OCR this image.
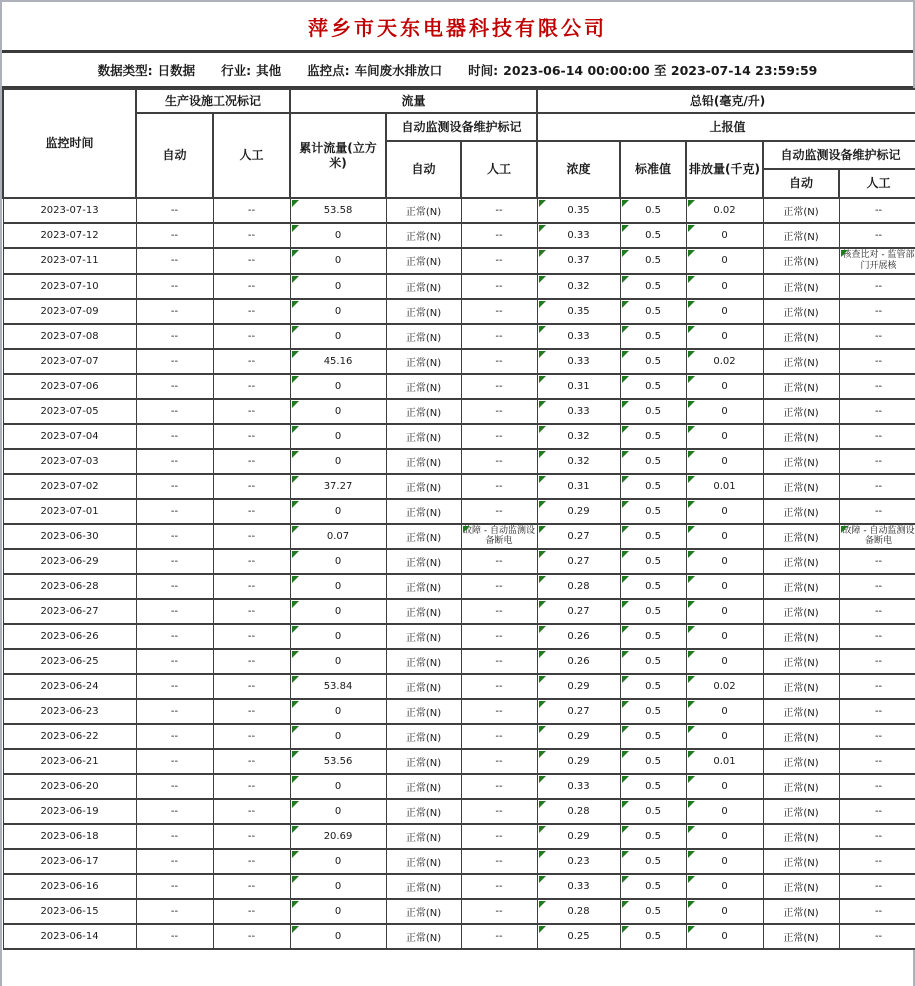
萍乡市天东电器科技有限公司
数据类型: 日数据 行业: 其他 监控点: 车间废水排放口 时间: 2023-06-14 00:00:00 至 2023-07-14 23:59:59
监控时间	生产设施工况标记		流量			总铅(毫克/升)				
	自动	人工	累计流量(立方米)	自动监测设备维护标记		上报值				
				自动	人工	浓度	标准值	排放量(千克)	自动监测设备维护标记	
									自动	人工
2023-07-13	--	--	53.58	正常(N)	--	0.35	0.5	0.02	正常(N)	--
2023-07-12	--	--	0	正常(N)	--	0.33	0.5	0	正常(N)	--
2023-07-11	--	--	0	正常(N)	--	0.37	0.5	0	正常(N)	核查比对 - 监管部门开展核
2023-07-10	--	--	0	正常(N)	--	0.32	0.5	0	正常(N)	--
2023-07-09	--	--	0	正常(N)	--	0.35	0.5	0	正常(N)	--
2023-07-08	--	--	0	正常(N)	--	0.33	0.5	0	正常(N)	--
2023-07-07	--	--	45.16	正常(N)	--	0.33	0.5	0.02	正常(N)	--
2023-07-06	--	--	0	正常(N)	--	0.31	0.5	0	正常(N)	--
2023-07-05	--	--	0	正常(N)	--	0.33	0.5	0	正常(N)	--
2023-07-04	--	--	0	正常(N)	--	0.32	0.5	0	正常(N)	--
2023-07-03	--	--	0	正常(N)	--	0.32	0.5	0	正常(N)	--
2023-07-02	--	--	37.27	正常(N)	--	0.31	0.5	0.01	正常(N)	--
2023-07-01	--	--	0	正常(N)	--	0.29	0.5	0	正常(N)	--
2023-06-30	--	--	0.07	正常(N)	故障 - 自动监测设备断电	0.27	0.5	0	正常(N)	故障 - 自动监测设备断电
2023-06-29	--	--	0	正常(N)	--	0.27	0.5	0	正常(N)	--
2023-06-28	--	--	0	正常(N)	--	0.28	0.5	0	正常(N)	--
2023-06-27	--	--	0	正常(N)	--	0.27	0.5	0	正常(N)	--
2023-06-26	--	--	0	正常(N)	--	0.26	0.5	0	正常(N)	--
2023-06-25	--	--	0	正常(N)	--	0.26	0.5	0	正常(N)	--
2023-06-24	--	--	53.84	正常(N)	--	0.29	0.5	0.02	正常(N)	--
2023-06-23	--	--	0	正常(N)	--	0.27	0.5	0	正常(N)	--
2023-06-22	--	--	0	正常(N)	--	0.29	0.5	0	正常(N)	--
2023-06-21	--	--	53.56	正常(N)	--	0.29	0.5	0.01	正常(N)	--
2023-06-20	--	--	0	正常(N)	--	0.33	0.5	0	正常(N)	--
2023-06-19	--	--	0	正常(N)	--	0.28	0.5	0	正常(N)	--
2023-06-18	--	--	20.69	正常(N)	--	0.29	0.5	0	正常(N)	--
2023-06-17	--	--	0	正常(N)	--	0.23	0.5	0	正常(N)	--
2023-06-16	--	--	0	正常(N)	--	0.33	0.5	0	正常(N)	--
2023-06-15	--	--	0	正常(N)	--	0.28	0.5	0	正常(N)	--
2023-06-14	--	--	0	正常(N)	--	0.25	0.5	0	正常(N)	--
